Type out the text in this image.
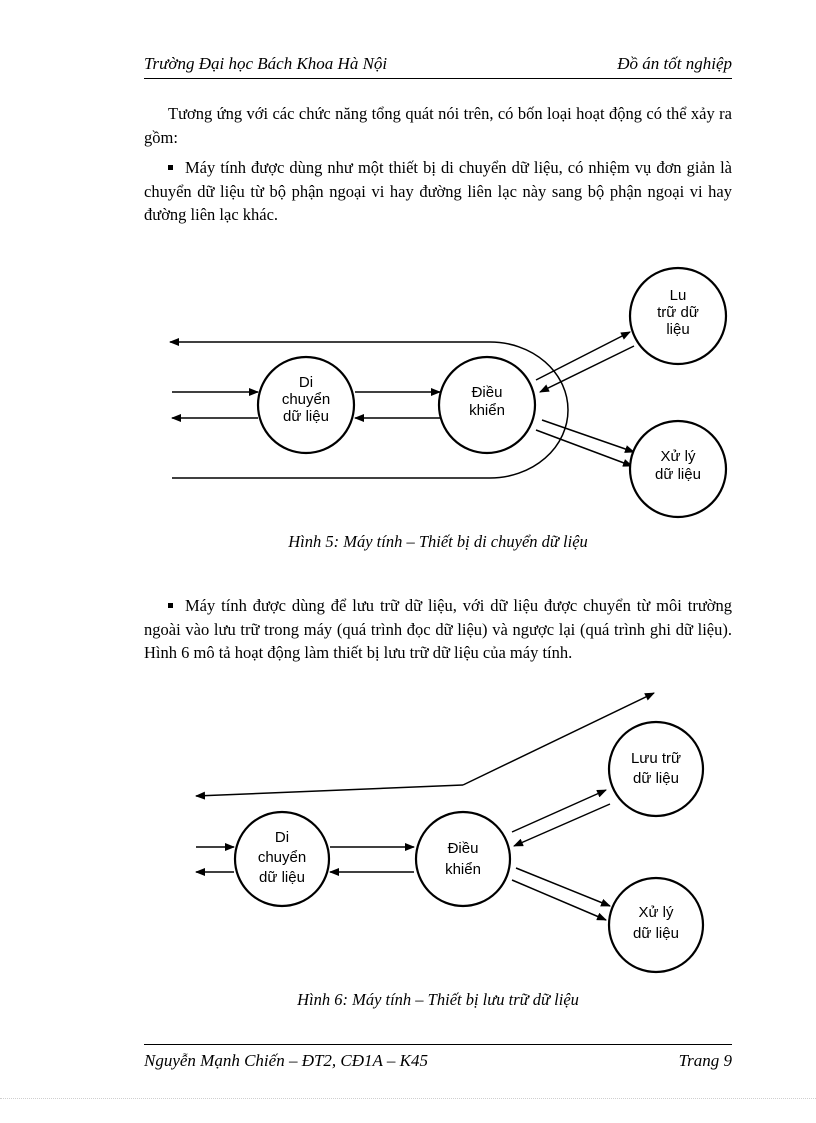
Trường Đại học Bách Khoa Hà Nội	Đồ án tốt nghiệp

Tương ứng với các chức năng tổng quát nói trên, có bốn loại hoạt động có thể xảy ra gồm:

Máy tính được dùng như một thiết bị di chuyển dữ liệu, có nhiệm vụ đơn giản là chuyển dữ liệu từ bộ phận ngoại vi hay đường liên lạc này sang bộ phận ngoại vi hay đường liên lạc khác.

Di
chuyển
dữ liệu
Điều
khiển
Lu
trữ dữ
liệu
Xử lý
dữ liệu
Hình 5: Máy tính – Thiết bị di chuyển dữ liệu

Máy tính được dùng để lưu trữ dữ liệu, với dữ liệu được chuyển từ môi trường ngoài vào lưu trữ trong máy (quá trình đọc dữ liệu) và ngược lại (quá trình ghi dữ liệu). Hình 6 mô tả hoạt động làm thiết bị lưu trữ dữ liệu của máy tính.

Di
chuyển
dữ liệu
Điều
khiển
Lưu trữ
dữ liệu
Xử lý
dữ liệu
Hình 6: Máy tính – Thiết bị lưu trữ dữ liệu
Nguyễn Mạnh Chiến – ĐT2, CĐ1A – K45	Trang 9
